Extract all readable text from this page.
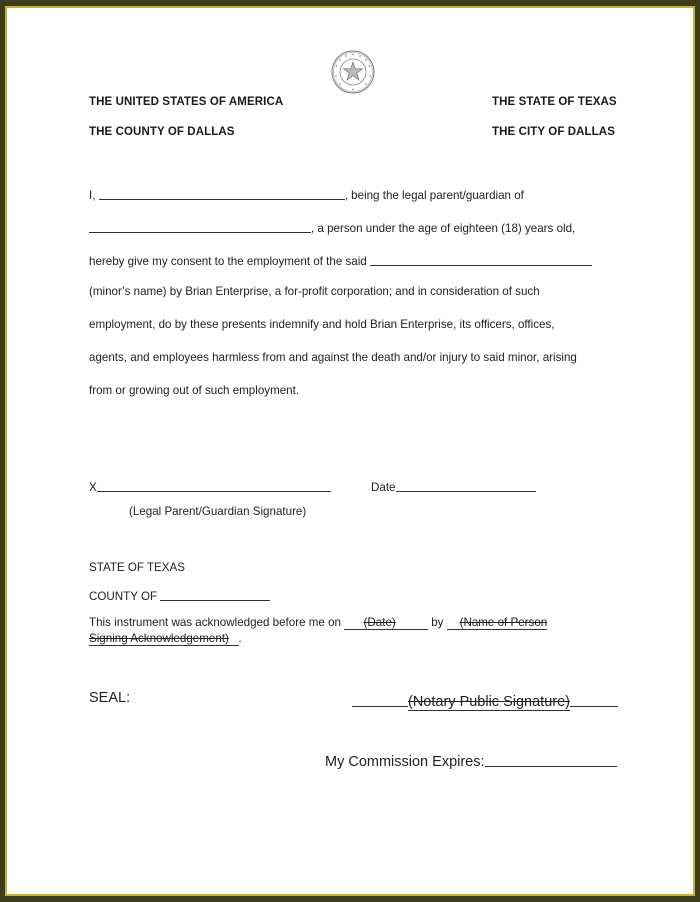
THE UNITED STATES OF AMERICA
THE COUNTY OF DALLAS
THE STATE OF TEXAS
THE CITY OF DALLAS
I,	, being the legal parent/guardian of
, a person under the age of eighteen (18) years old,
hereby give my consent to the employment of the said
(minor’s name) by Brian Enterprise, a for-profit corporation; and in consideration of such
employment, do by these presents indemnify and hold Brian Enterprise, its officers, offices,
agents, and employees harmless from and against the death and/or injury to said minor, arising
from or growing out of such employment.
X	Date
(Legal Parent/Guardian Signature)
STATE OF TEXAS
COUNTY OF
This instrument was acknowledged before me on (Date)	by (Name of Person
Signing Acknowledgement) .
SEAL:	(Notary Public Signature)
My Commission Expires:
